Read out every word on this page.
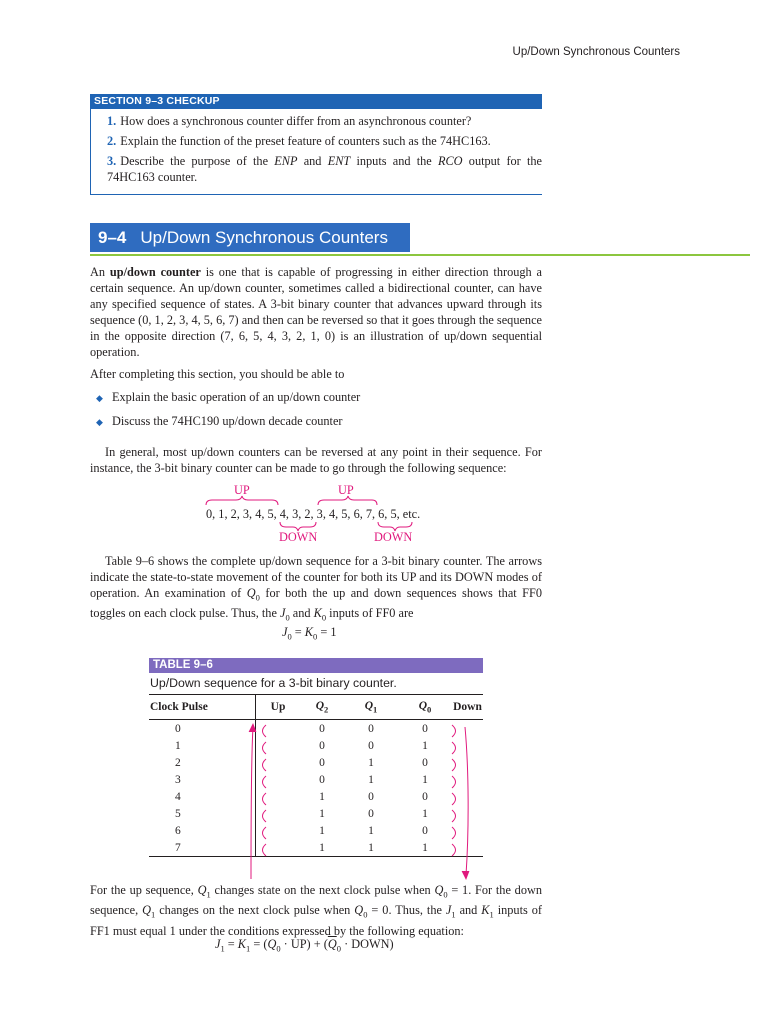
Up/Down Synchronous Counters
SECTION 9–3 CHECKUP
1. How does a synchronous counter differ from an asynchronous counter?
2. Explain the function of the preset feature of counters such as the 74HC163.
3. Describe the purpose of the ENP and ENT inputs and the RCO output for the 74HC163 counter.
9–4 Up/Down Synchronous Counters
An up/down counter is one that is capable of progressing in either direction through a certain sequence. An up/down counter, sometimes called a bidirectional counter, can have any specified sequence of states. A 3-bit binary counter that advances upward through its sequence (0, 1, 2, 3, 4, 5, 6, 7) and then can be reversed so that it goes through the sequence in the opposite direction (7, 6, 5, 4, 3, 2, 1, 0) is an illustration of up/down sequential operation.
After completing this section, you should be able to
◆ Explain the basic operation of an up/down counter
◆ Discuss the 74HC190 up/down decade counter
In general, most up/down counters can be reversed at any point in their sequence. For instance, the 3-bit binary counter can be made to go through the following sequence:
UP	UP
0, 1, 2, 3, 4, 5, 4, 3, 2, 3, 4, 5, 6, 7, 6, 5, etc.
DOWN	DOWN
Table 9–6 shows the complete up/down sequence for a 3-bit binary counter. The arrows indicate the state-to-state movement of the counter for both its UP and its DOWN modes of operation. An examination of $Q_0$ for both the up and down sequences shows that FF0 toggles on each clock pulse. Thus, the $J_0$ and $K_0$ inputs of FF0 are
$J_0 = K_0 = 1$
TABLE 9–6
Up/Down sequence for a 3-bit binary counter.
Clock Pulse	Up	$Q_2$	$Q_1$	$Q_0$	Down
0		0	0	0	
1		0	0	1	
2		0	1	0	
3		0	1	1	
4		1	0	0	
5		1	0	1	
6		1	1	0	
7		1	1	1	
For the up sequence, $Q_1$ changes state on the next clock pulse when $Q_0 = 1$. For the down sequence, $Q_1$ changes on the next clock pulse when $Q_0 = 0$. Thus, the $J_1$ and $K_1$ inputs of FF1 must equal 1 under the conditions expressed by the following equation:
$J_1 = K_1 = (Q_0 \cdot UP) + (\overline{Q}_0$ · DOWN)
